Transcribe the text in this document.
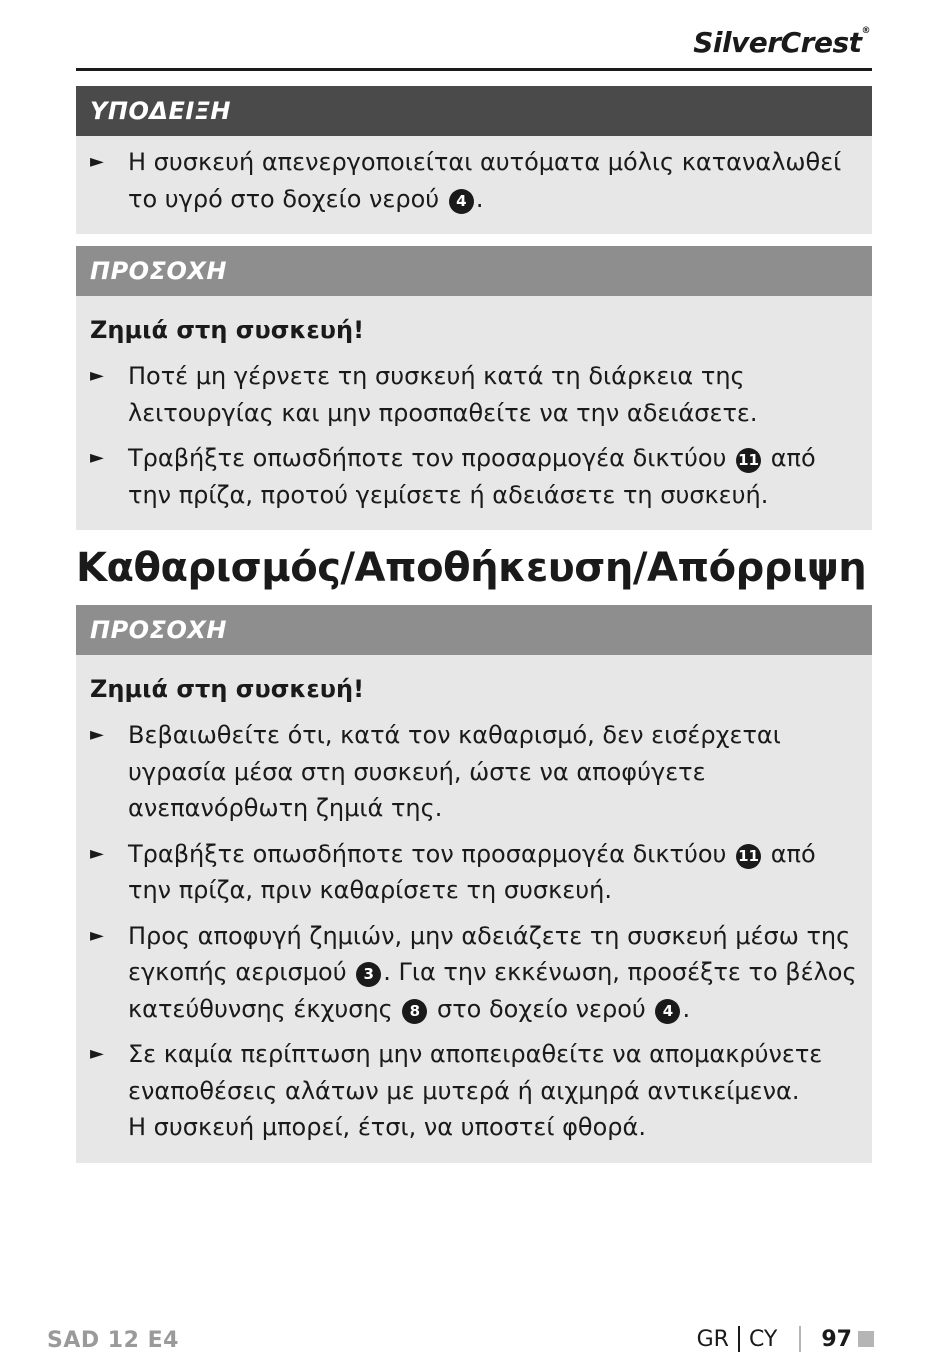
SilverCrest®
ΥΠΟΔΕΙΞΗ
► Η συσκευή απενεργοποιείται αυτόματα μόλις καταναλωθεί το υγρό στο δοχείο νερού 4 .
ΠΡΟΣΟΧΗ
Ζημιά στη συσκευή!
► Ποτέ μη γέρνετε τη συσκευή κατά τη διάρκεια της λειτουργίας και μην προσπαθείτε να την αδειάσετε.
► Τραβήξτε οπωσδήποτε τον προσαρμογέα δικτύου 11 από την πρίζα, προτού γεμίσετε ή αδειάσετε τη συσκευή.
Καθαρισμός/Αποθήκευση/Απόρριψη
ΠΡΟΣΟΧΗ
Ζημιά στη συσκευή!
► Βεβαιωθείτε ότι, κατά τον καθαρισμό, δεν εισέρχεται υγρασία μέσα στη συσκευή, ώστε να αποφύγετε ανεπανόρθωτη ζημιά της.
► Τραβήξτε οπωσδήποτε τον προσαρμογέα δικτύου 11 από την πρίζα, πριν καθαρίσετε τη συσκευή.
► Προς αποφυγή ζημιών, μην αδειάζετε τη συσκευή μέσω της εγκοπής αερισμού 3 . Για την εκκένωση, προσέξτε το βέλος κατεύθυνσης έκχυσης 8 στο δοχείο νερού 4 .
► Σε καμία περίπτωση μην αποπειραθείτε να απομακρύνετε εναποθέσεις αλάτων με μυτερά ή αιχμηρά αντικείμενα.
Η συσκευή μπορεί, έτσι, να υποστεί φθορά.
SAD 12 E4	GR CY 97
